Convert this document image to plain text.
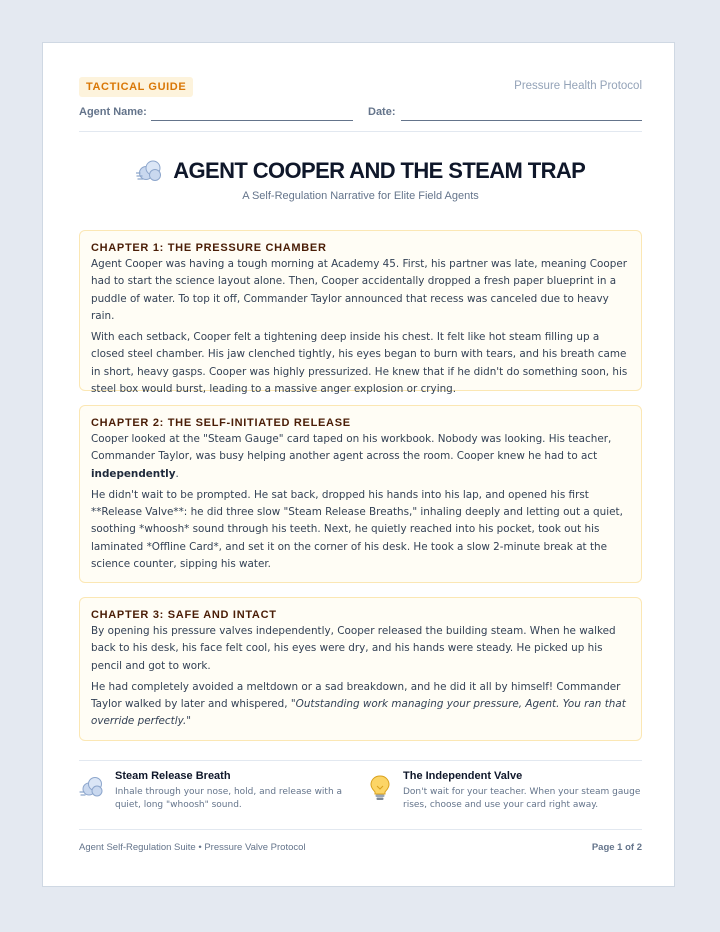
TACTICAL GUIDE	Pressure Health Protocol
Agent Name:	Date:
AGENT COOPER AND THE STEAM TRAP
A Self-Regulation Narrative for Elite Field Agents
CHAPTER 1: THE PRESSURE CHAMBER

Agent Cooper was having a tough morning at Academy 45. First, his partner was late, meaning Cooper had to start the science layout alone. Then, Cooper accidentally dropped a fresh paper blueprint in a puddle of water. To top it off, Commander Taylor announced that recess was canceled due to heavy rain.

With each setback, Cooper felt a tightening deep inside his chest. It felt like hot steam filling up a closed steel chamber. His jaw clenched tightly, his eyes began to burn with tears, and his breath came in short, heavy gasps. Cooper was highly pressurized. He knew that if he didn't do something soon, his steel box would burst, leading to a massive anger explosion or crying.

CHAPTER 2: THE SELF-INITIATED RELEASE

Cooper looked at the "Steam Gauge" card taped on his workbook. Nobody was looking. His teacher, Commander Taylor, was busy helping another agent across the room. Cooper knew he had to act independently.

He didn't wait to be prompted. He sat back, dropped his hands into his lap, and opened his first **Release Valve**: he did three slow "Steam Release Breaths," inhaling deeply and letting out a quiet, soothing *whoosh* sound through his teeth. Next, he quietly reached into his pocket, took out his laminated *Offline Card*, and set it on the corner of his desk. He took a slow 2-minute break at the science counter, sipping his water.

CHAPTER 3: SAFE AND INTACT

By opening his pressure valves independently, Cooper released the building steam. When he walked back to his desk, his face felt cool, his eyes were dry, and his hands were steady. He picked up his pencil and got to work.

He had completely avoided a meltdown or a sad breakdown, and he did it all by himself! Commander Taylor walked by later and whispered, "Outstanding work managing your pressure, Agent. You ran that override perfectly."

Steam Release Breath
Inhale through your nose, hold, and release with a quiet, long "whoosh" sound.
The Independent Valve
Don't wait for your teacher. When your steam gauge rises, choose and use your card right away.
Agent Self-Regulation Suite • Pressure Valve Protocol	Page 1 of 2
